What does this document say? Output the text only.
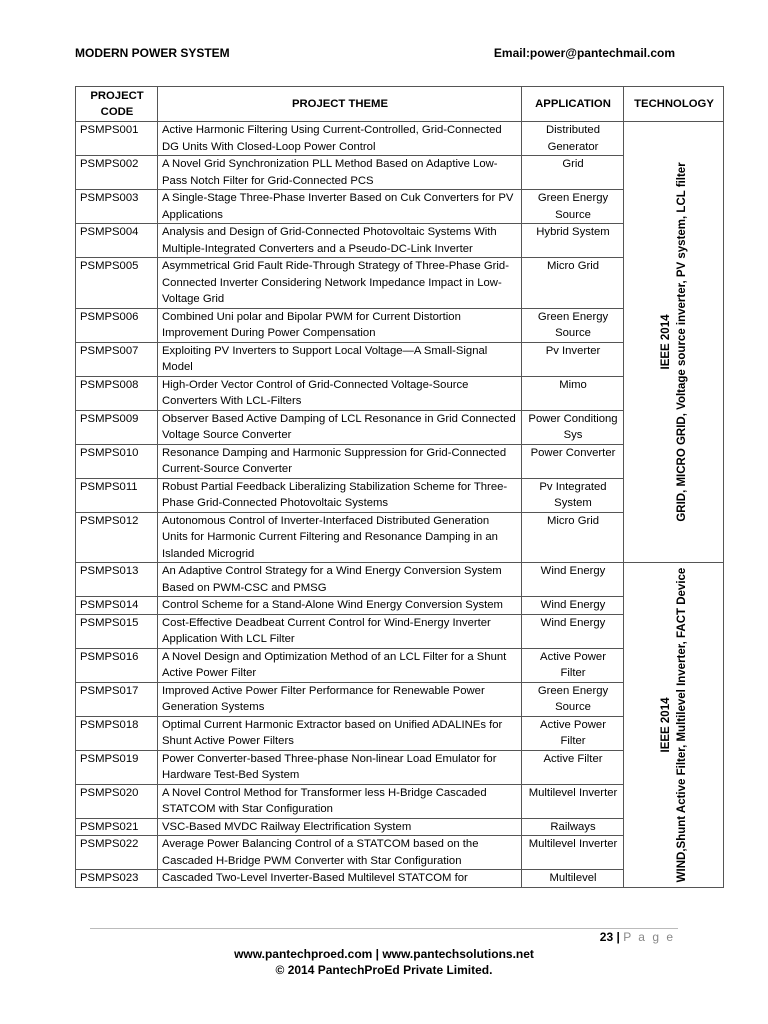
MODERN POWER SYSTEM	Email:power@pantechmail.com
PROJECT CODE	PROJECT THEME	APPLICATION	TECHNOLOGY
PSMPS001	Active Harmonic Filtering Using Current-Controlled, Grid-Connected DG Units With Closed-Loop Power Control	Distributed Generator	IEEE 2014 GRID, MICRO GRID, Voltage source inverter, PV system, LCL filter

PSMPS002	A Novel Grid Synchronization PLL Method Based on Adaptive Low-Pass Notch Filter for Grid-Connected PCS	Grid	
PSMPS003	A Single-Stage Three-Phase Inverter Based on Cuk Converters for PV Applications	Green Energy Source	
PSMPS004	Analysis and Design of Grid-Connected Photovoltaic Systems With Multiple-Integrated Converters and a Pseudo-DC-Link Inverter	Hybrid System	
PSMPS005	Asymmetrical Grid Fault Ride-Through Strategy of Three-Phase Grid-Connected Inverter Considering Network Impedance Impact in Low-Voltage Grid	Micro Grid	
PSMPS006	Combined Uni polar and Bipolar PWM for Current Distortion Improvement During Power Compensation	Green Energy Source	
PSMPS007	Exploiting PV Inverters to Support Local Voltage—A Small-Signal Model	Pv Inverter	
PSMPS008	High-Order Vector Control of Grid-Connected Voltage-Source Converters With LCL-Filters	Mimo	
PSMPS009	Observer Based Active Damping of LCL Resonance in Grid Connected Voltage Source Converter	Power Conditiong Sys	
PSMPS010	Resonance Damping and Harmonic Suppression for Grid-Connected Current-Source Converter	Power Converter	
PSMPS011	Robust Partial Feedback Liberalizing Stabilization Scheme for Three-Phase Grid-Connected Photovoltaic Systems	Pv Integrated System	
PSMPS012	Autonomous Control of Inverter-Interfaced Distributed Generation Units for Harmonic Current Filtering and Resonance Damping in an Islanded Microgrid	Micro Grid	
PSMPS013	An Adaptive Control Strategy for a Wind Energy Conversion System Based on PWM-CSC and PMSG	Wind Energy	IEEE 2014 WIND,Shunt Active Filter, Multilevel Inverter, FACT Device

PSMPS014	Control Scheme for a Stand-Alone Wind Energy Conversion System	Wind Energy	
PSMPS015	Cost-Effective Deadbeat Current Control for Wind-Energy Inverter Application With LCL Filter	Wind Energy	
PSMPS016	A Novel Design and Optimization Method of an LCL Filter for a Shunt Active Power Filter	Active Power Filter	
PSMPS017	Improved Active Power Filter Performance for Renewable Power Generation Systems	Green Energy Source	
PSMPS018	Optimal Current Harmonic Extractor based on Unified ADALINEs for Shunt Active Power Filters	Active Power Filter	
PSMPS019	Power Converter-based Three-phase Non-linear Load Emulator for Hardware Test-Bed System	Active Filter	
PSMPS020	A Novel Control Method for Transformer less H-Bridge Cascaded STATCOM with Star Configuration	Multilevel Inverter	
PSMPS021	VSC-Based MVDC Railway Electrification System	Railways	
PSMPS022	Average Power Balancing Control of a STATCOM based on the Cascaded H-Bridge PWM Converter with Star Configuration	Multilevel Inverter	
PSMPS023	Cascaded Two-Level Inverter-Based Multilevel STATCOM for	Multilevel	
23 | P a g e
www.pantechproed.com | www.pantechsolutions.net
© 2014 PantechProEd Private Limited.
